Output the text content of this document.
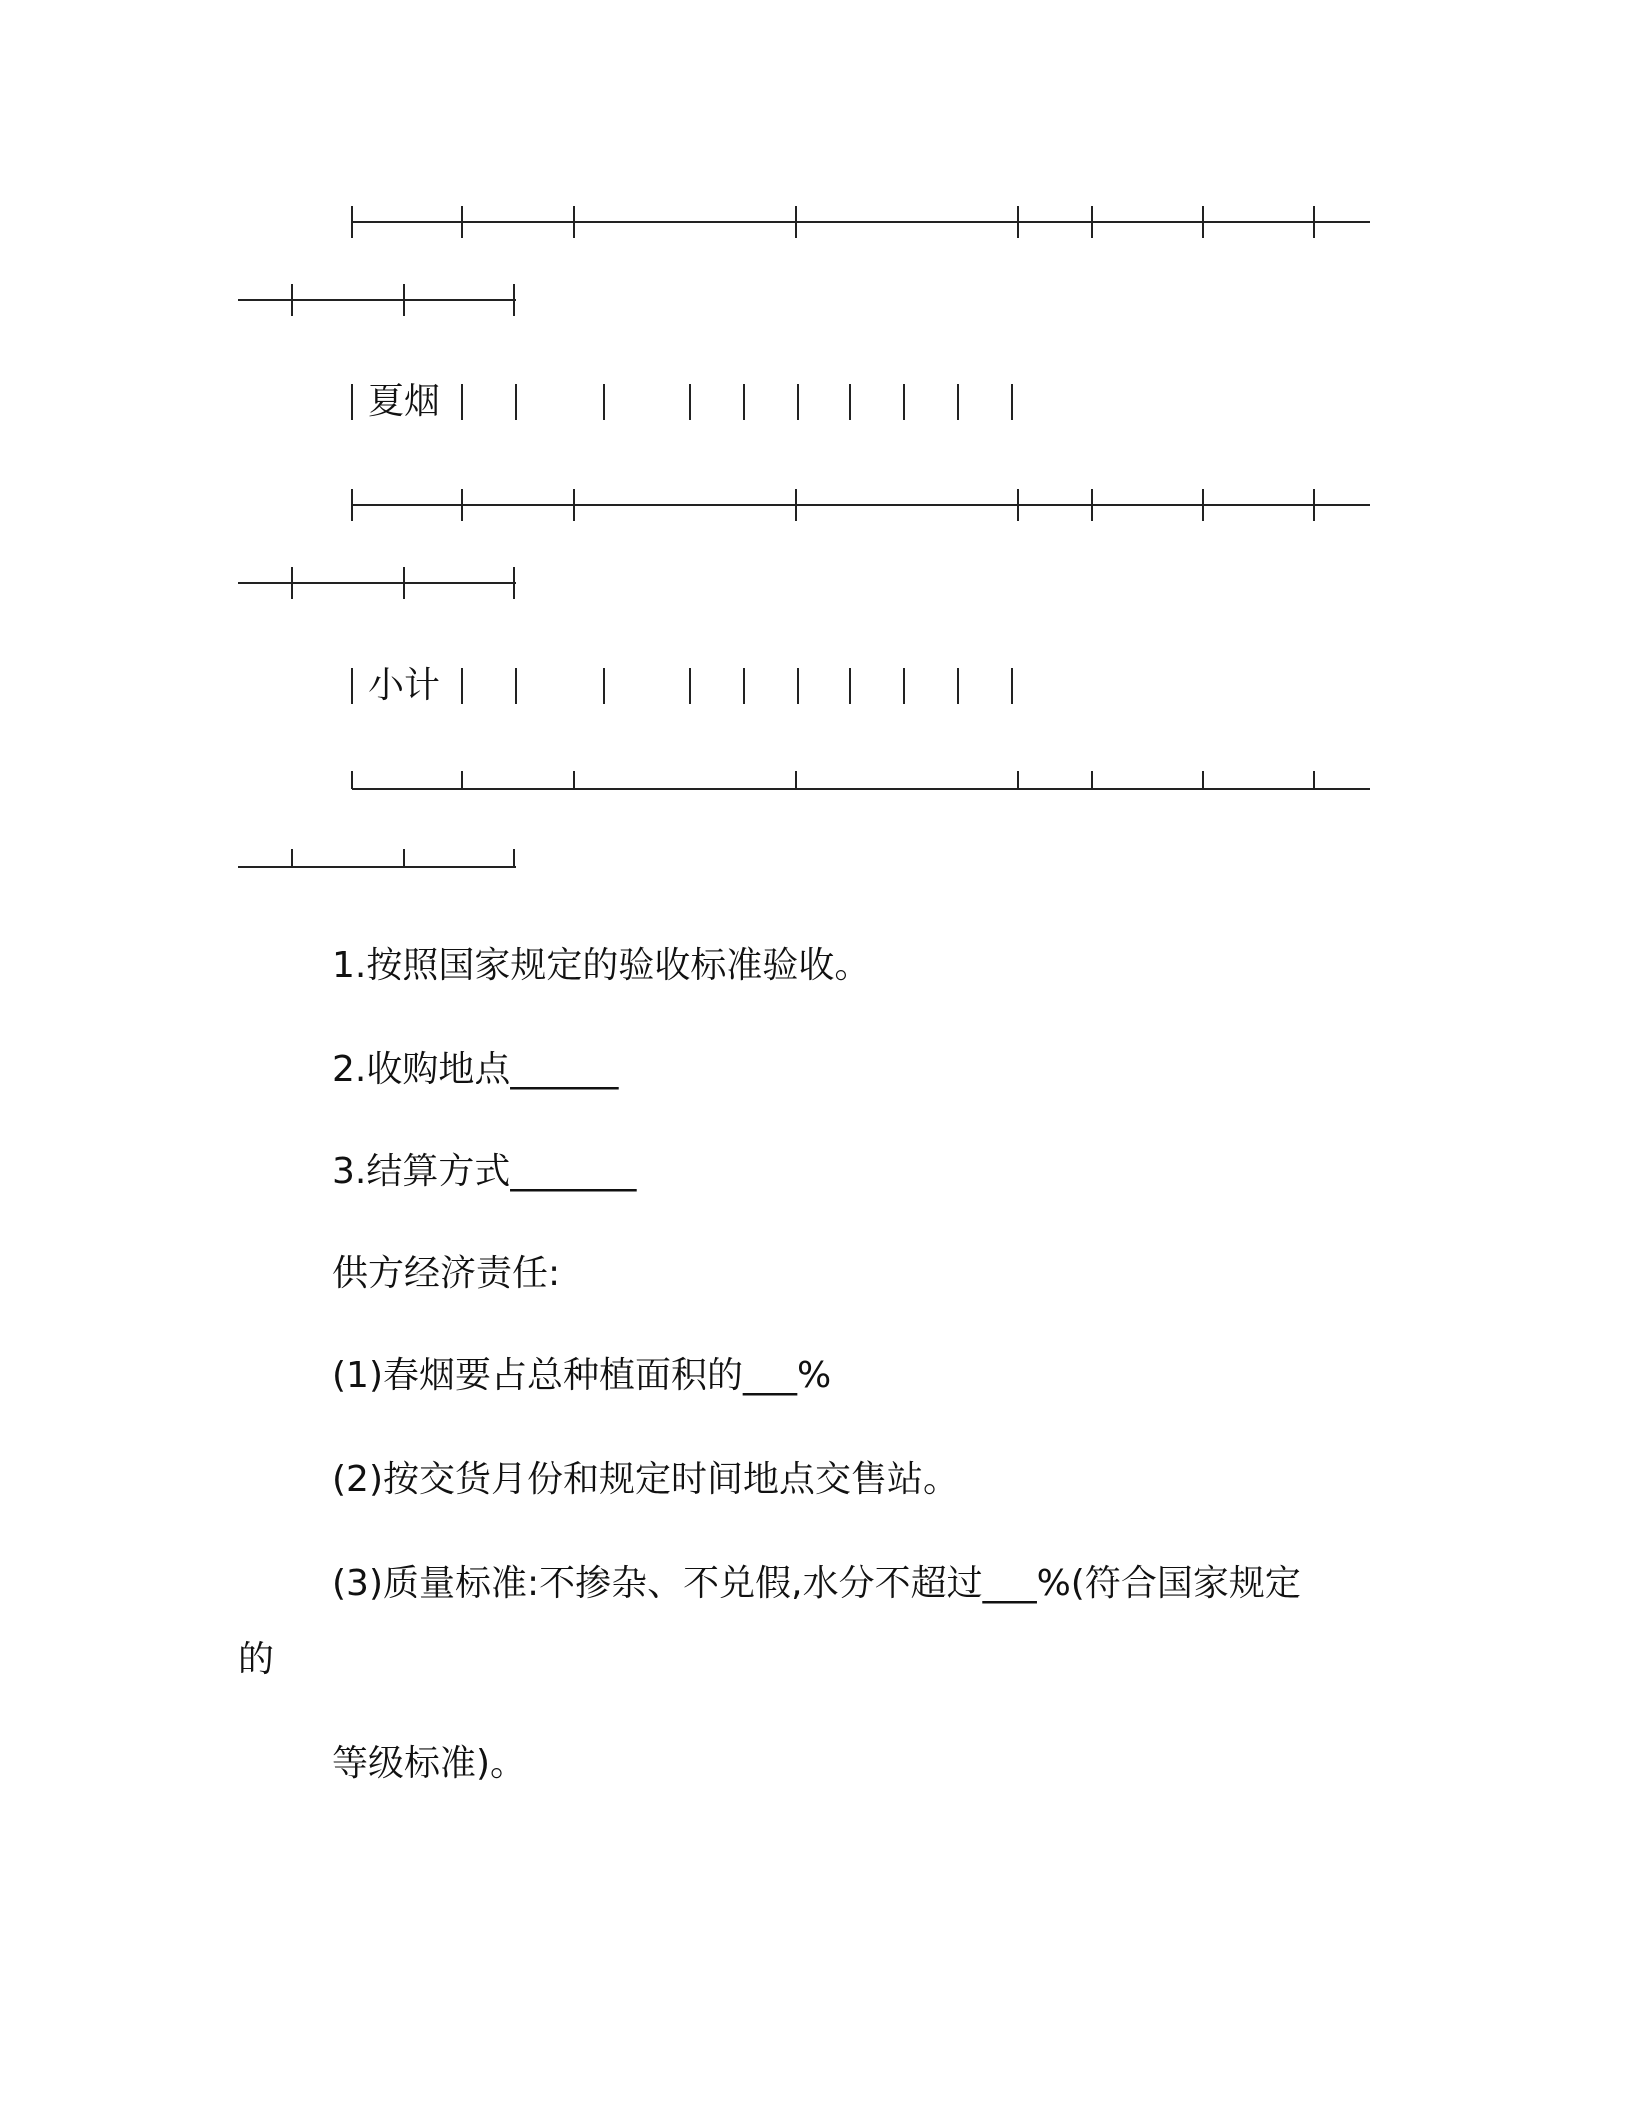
夏烟
小计
1.按照国家规定的验收标准验收。
2.收购地点______
3.结算方式_______
供方经济责任:
(1)春烟要占总种植面积的___%
(2)按交货月份和规定时间地点交售站。
(3)质量标准:不掺杂、不兑假,水分不超过___%(符合国家规定
的
等级标准)。
